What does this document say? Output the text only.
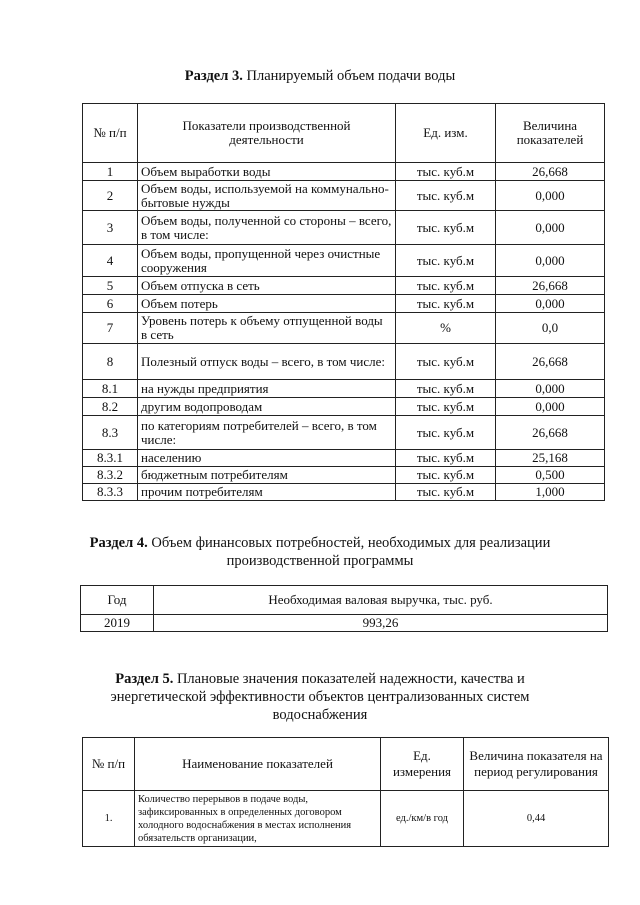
Раздел 3. Планируемый объем подачи воды
№ п/п	Показатели производственной деятельности	Ед. изм.	Величина показателей
1	Объем выработки воды	тыс. куб.м	26,668
2	Объем воды, используемой на коммунально-бытовые нужды	тыс. куб.м	0,000
3	Объем воды, полученной со стороны – всего, в том числе:	тыс. куб.м	0,000
4	Объем воды, пропущенной через очистные сооружения	тыс. куб.м	0,000
5	Объем отпуска в сеть	тыс. куб.м	26,668
6	Объем потерь	тыс. куб.м	0,000
7	Уровень потерь к объему отпущенной воды в сеть	%	0,0
8	Полезный отпуск воды – всего, в том числе:	тыс. куб.м	26,668
8.1	на нужды предприятия	тыс. куб.м	0,000
8.2	другим водопроводам	тыс. куб.м	0,000
8.3	по категориям потребителей – всего, в том числе:	тыс. куб.м	26,668
8.3.1	населению	тыс. куб.м	25,168
8.3.2	бюджетным потребителям	тыс. куб.м	0,500
8.3.3	прочим потребителям	тыс. куб.м	1,000
Раздел 4. Объем финансовых потребностей, необходимых для реализации
производственной программы
Год	Необходимая валовая выручка, тыс. руб.
2019	993,26
Раздел 5. Плановые значения показателей надежности, качества и
энергетической эффективности объектов централизованных систем
водоснабжения
№ п/п	Наименование показателей	Ед. измерения	Величина показателя на период регулирования
1.	Количество перерывов в подаче воды, зафиксированных в определенных договором холодного водоснабжения в местах исполнения обязательств организации,	ед./км/в год	0,44
